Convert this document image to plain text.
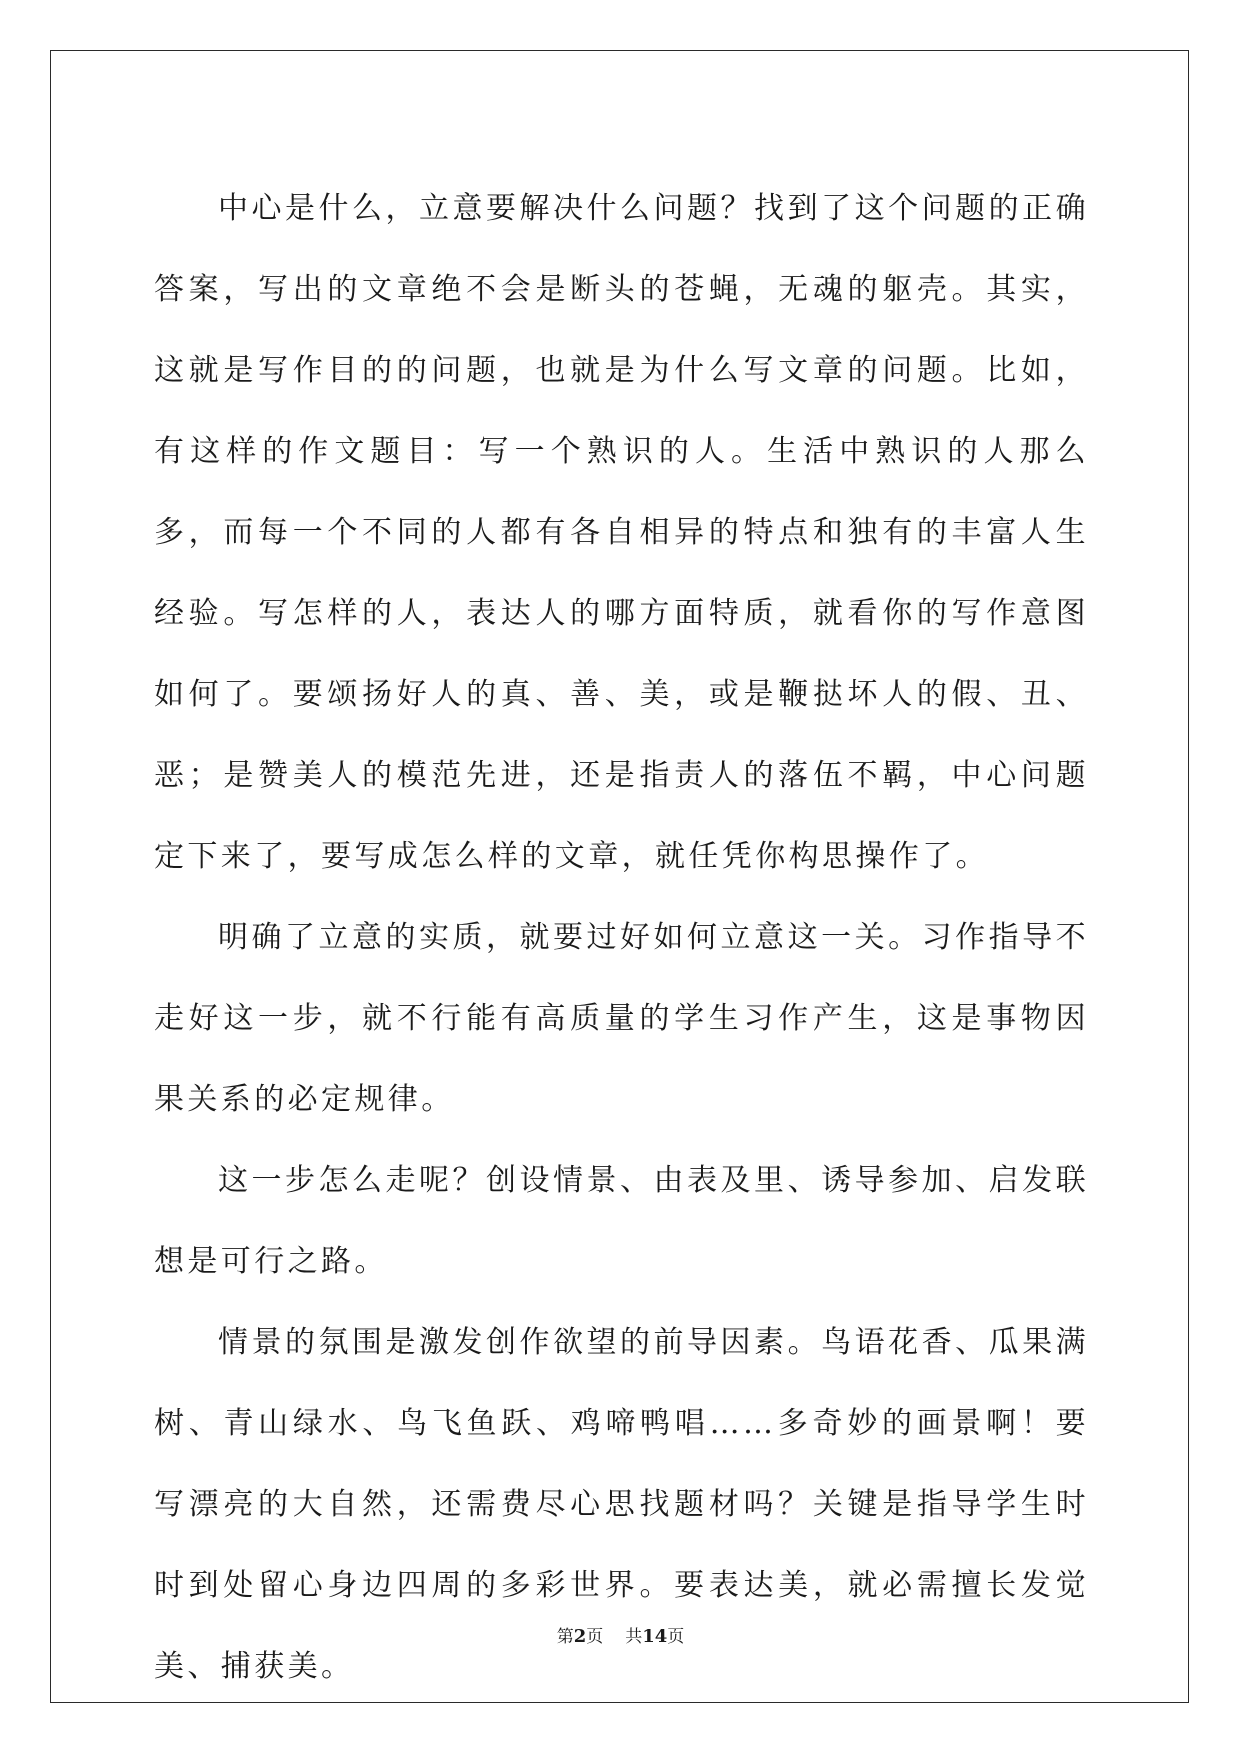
中心是什么，立意要解决什么问题？找到了这个问题的正确答案，写出的文章绝不会是断头的苍蝇，无魂的躯壳。其实，这就是写作目的的问题，也就是为什么写文章的问题。比如，有这样的作文题目：写一个熟识的人。生活中熟识的人那么多，而每一个不同的人都有各自相异的特点和独有的丰富人生经验。写怎样的人，表达人的哪方面特质，就看你的写作意图如何了。要颂扬好人的真、善、美，或是鞭挞坏人的假、丑、恶；是赞美人的模范先进，还是指责人的落伍不羁，中心问题定下来了，要写成怎么样的文章，就任凭你构思操作了。

明确了立意的实质，就要过好如何立意这一关。习作指导不走好这一步，就不行能有高质量的学生习作产生，这是事物因果关系的必定规律。

这一步怎么走呢？创设情景、由表及里、诱导参加、启发联想是可行之路。

情景的氛围是激发创作欲望的前导因素。鸟语花香、瓜果满树、青山绿水、鸟飞鱼跃、鸡啼鸭唱……多奇妙的画景啊！要写漂亮的大自然，还需费尽心思找题材吗？关键是指导学生时时到处留心身边四周的多彩世界。要表达美，就必需擅长发觉美、捕获美。

第2页 共14页
